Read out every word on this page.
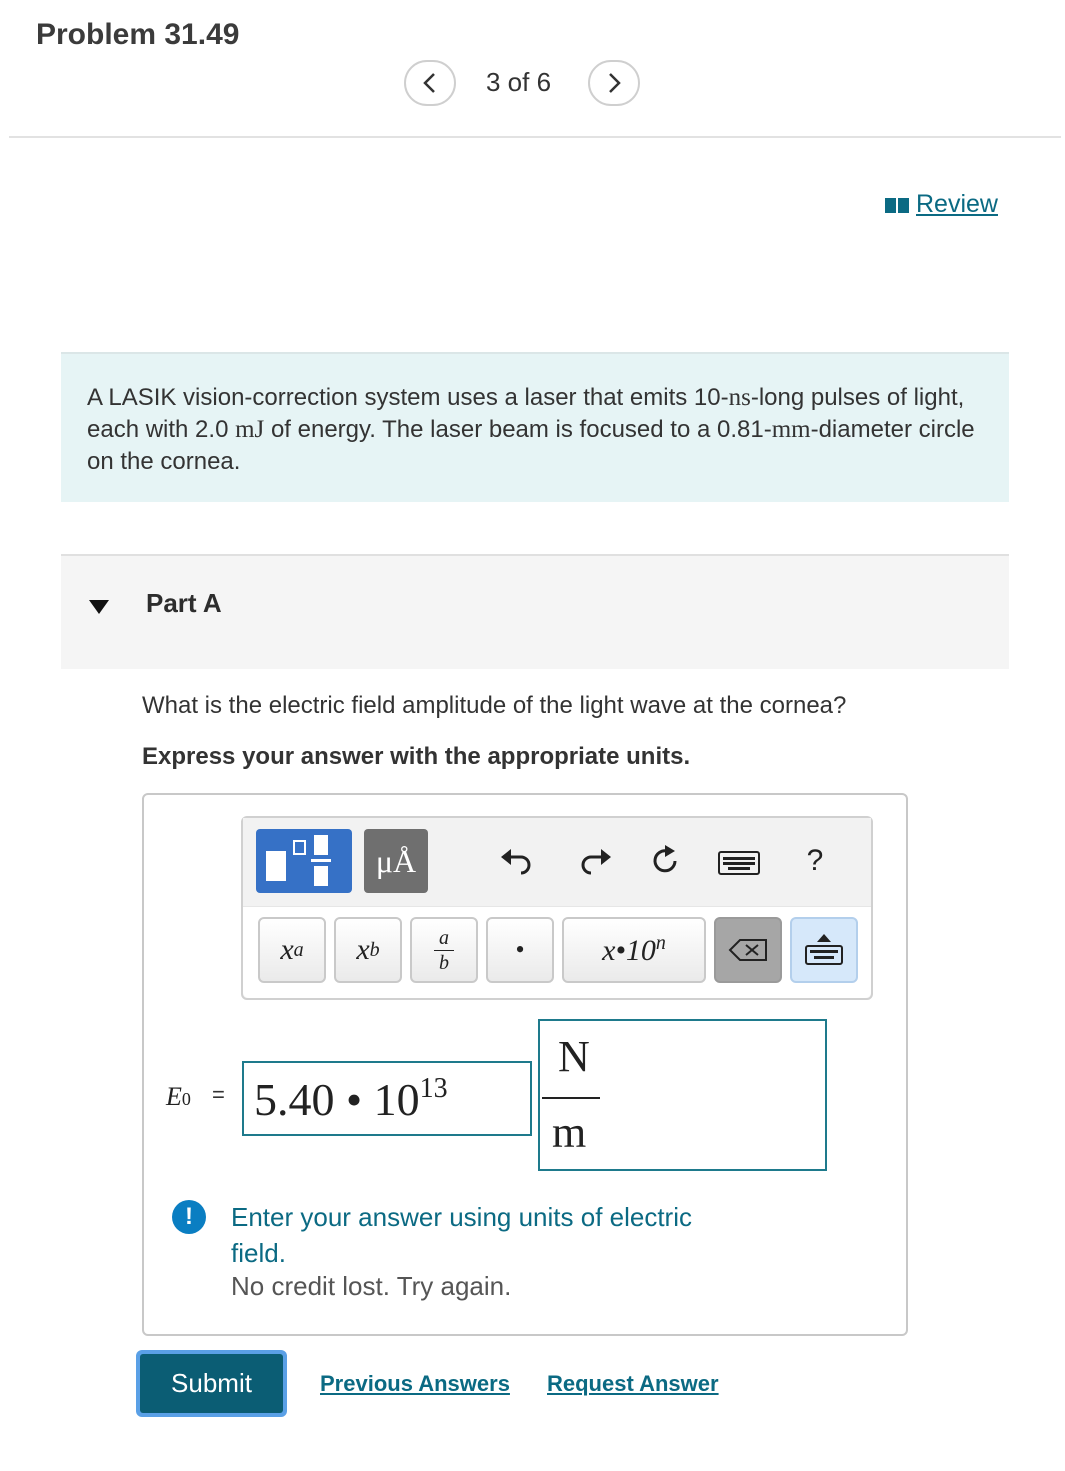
Problem 31.49
3 of 6
Review
A LASIK vision-correction system uses a laser that emits 10-ns-long pulses of light, each with 2.0 mJ of energy. The laser beam is focused to a 0.81-mm-diameter circle on the cornea.
Part A
What is the electric field amplitude of the light wave at the cornea?
Express your answer with the appropriate units.
μÅ	?
x a x b
a
b	•	x•10$^n$
E0 = 5.40 • $10^{13}$
N
m
!	Enter your answer using units of electric field.
No credit lost. Try again.
Submit	Previous Answers Request Answer
